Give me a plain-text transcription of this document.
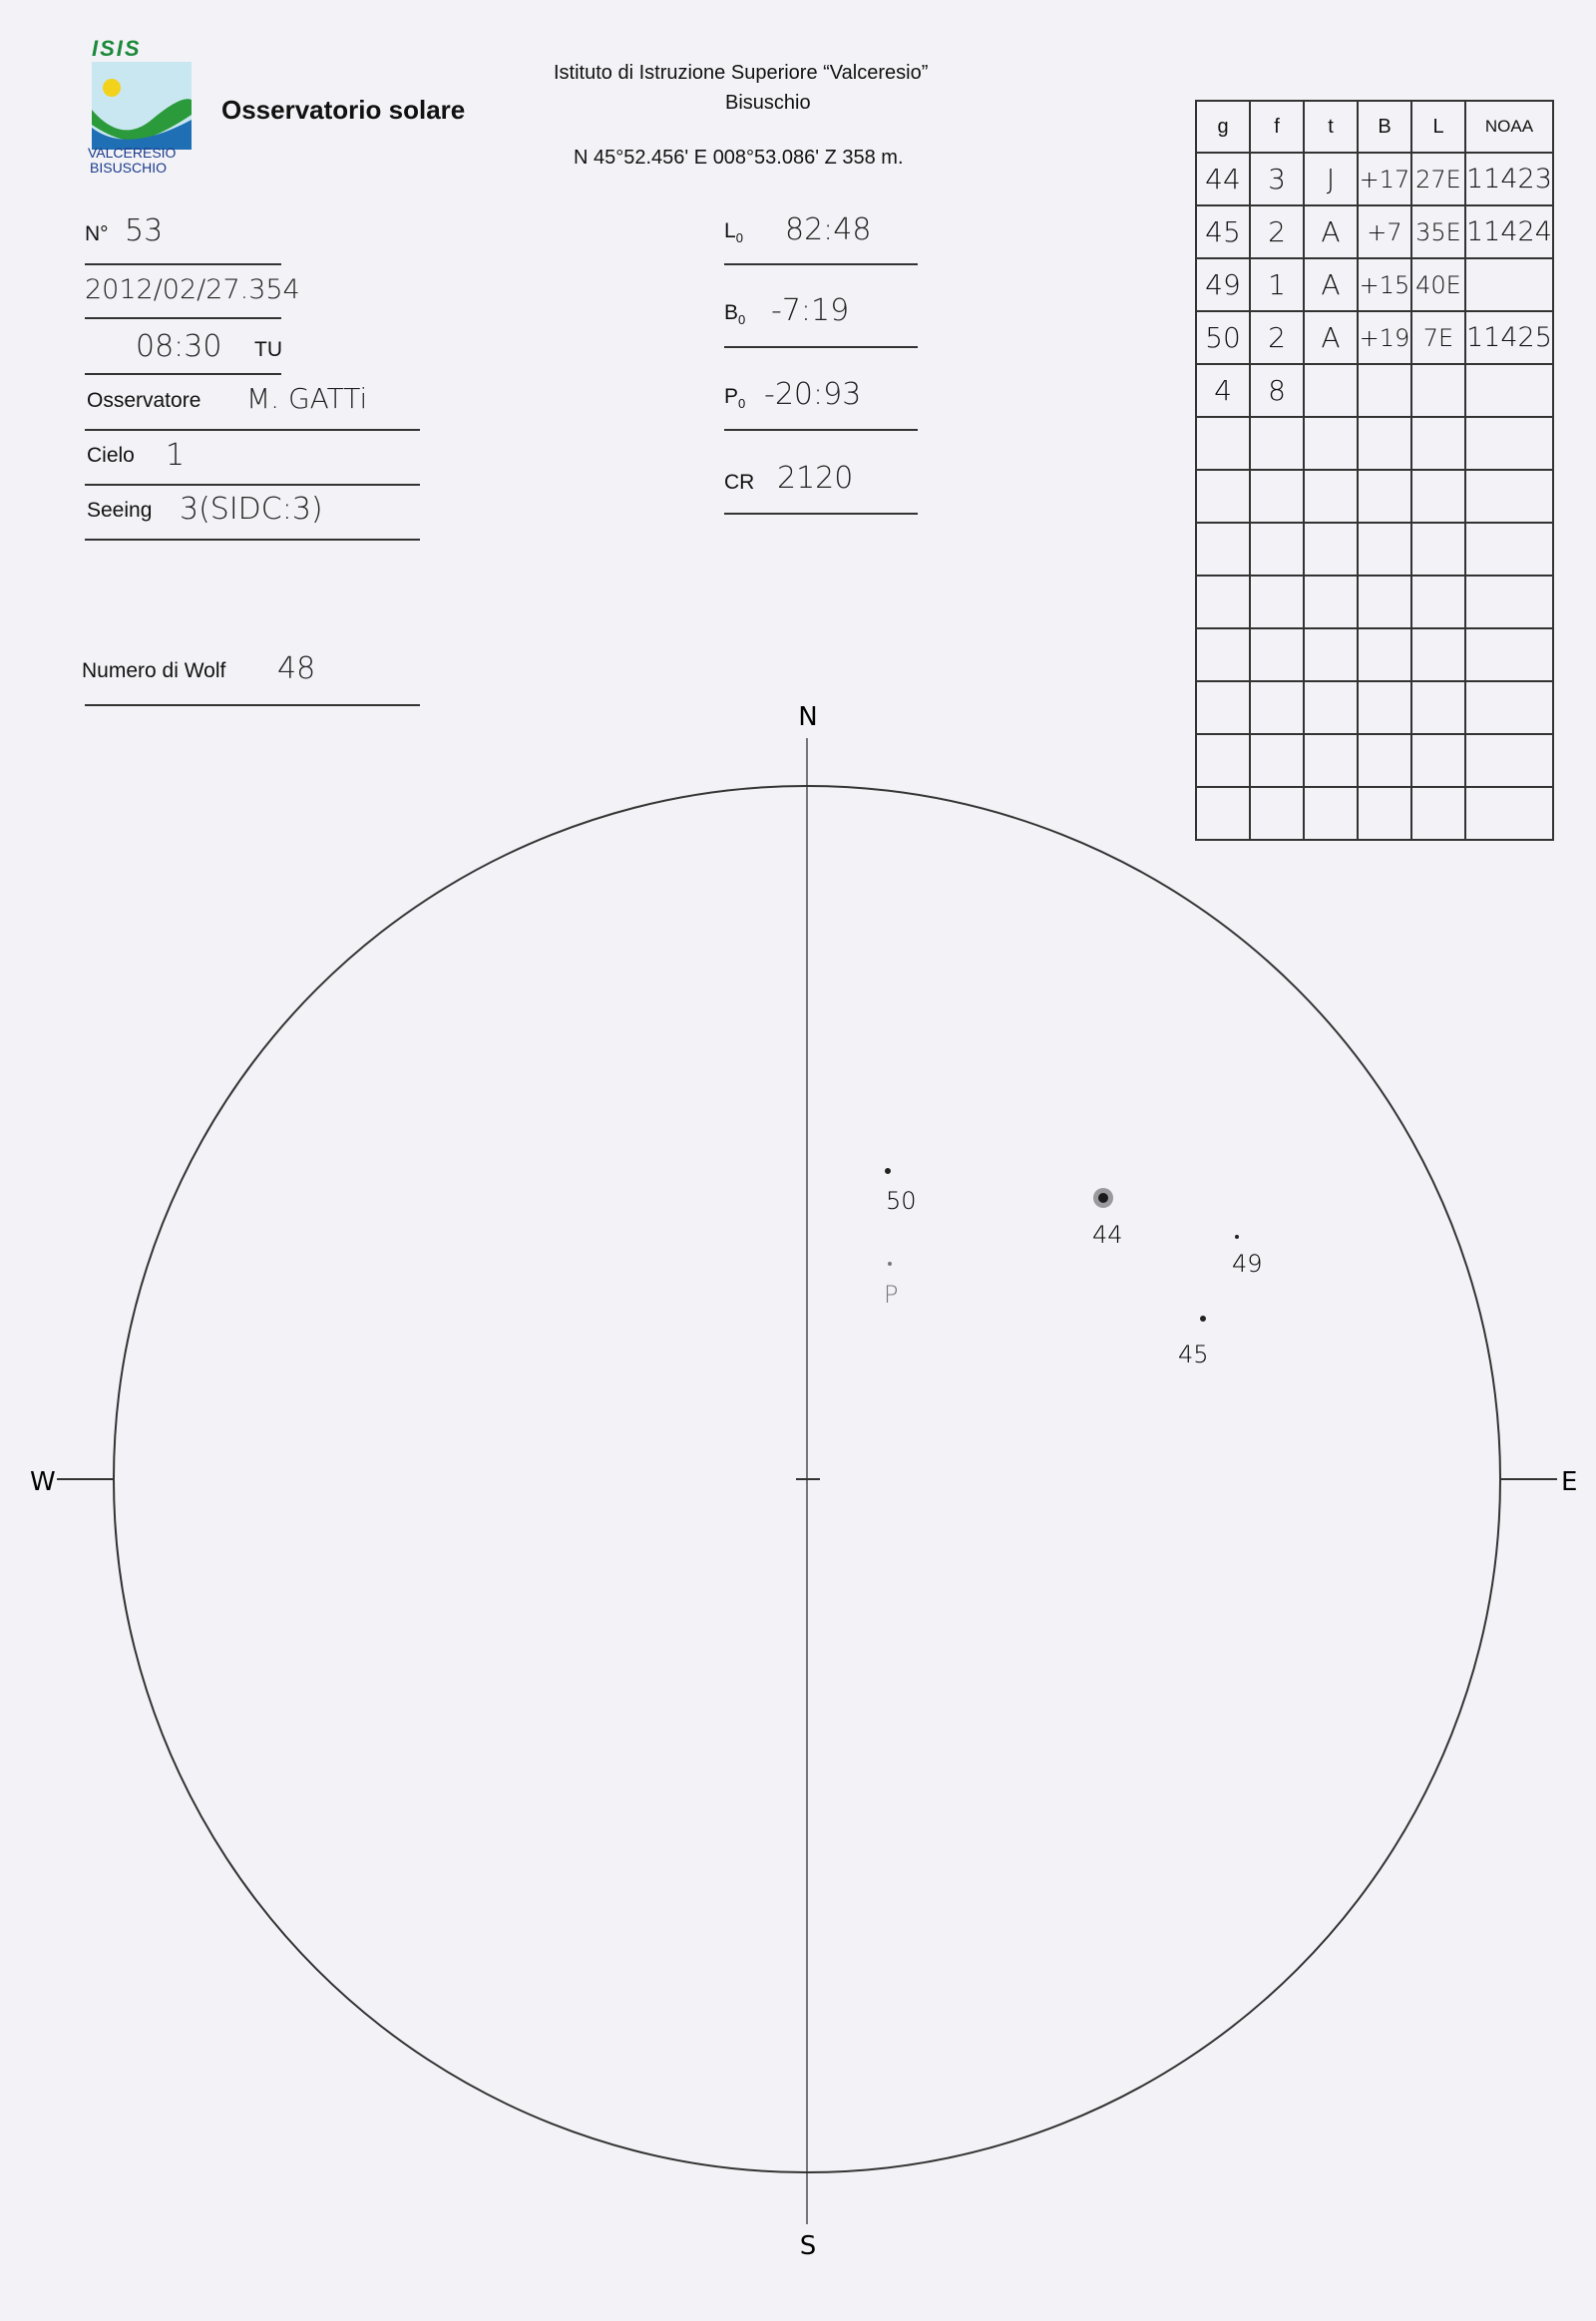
ISIS
VALCERESIO
BISUSCHIO
Osservatorio solare
Istituto di Istruzione Superiore “Valceresio”
Bisuschio
N 45°52.456' E 008°53.086' Z 358 m.
N° 53
2012/02/27.354
08:30 TU
Osservatore M. GATTi
Cielo 1
Seeing 3(SIDC:3)
Numero di Wolf 48
$L_0$ 82:48
$B_0$ -7:19
$P_0$ -20:93
CR 2120
g	f	t	B	L	NOAA
44	3	J	+17	27E	11423
45	2	A	+7	35E	11424
49	1	A	+15	40E	
50	2	A	+19	7E	11425
4	8				

N
S
W	E
50
44
49
45
P
